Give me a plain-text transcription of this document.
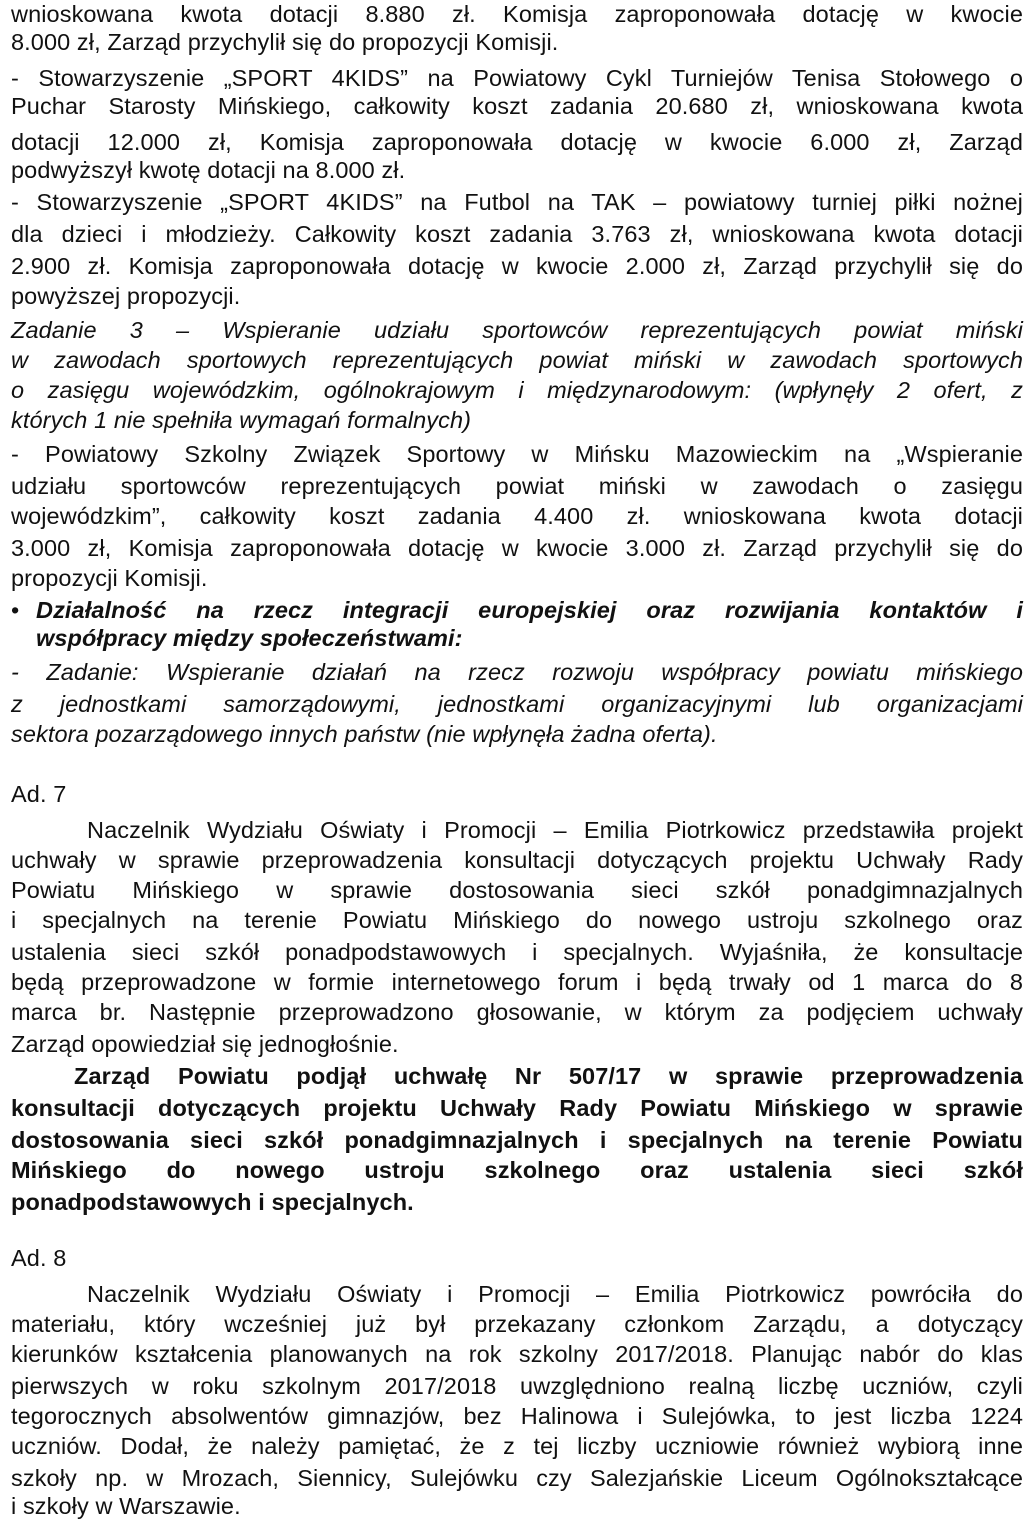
wnioskowana kwota dotacji 8.880 zł. Komisja zaproponowała dotację w kwocie
8.000 zł, Zarząd przychylił się do propozycji Komisji.
- Stowarzyszenie „SPORT 4KIDS” na Powiatowy Cykl Turniejów Tenisa Stołowego o
Puchar Starosty Mińskiego, całkowity koszt zadania 20.680 zł, wnioskowana kwota
dotacji 12.000 zł, Komisja zaproponowała dotację w kwocie 6.000 zł, Zarząd
podwyższył kwotę dotacji na 8.000 zł.
- Stowarzyszenie „SPORT 4KIDS” na Futbol na TAK – powiatowy turniej piłki nożnej
dla dzieci i młodzieży. Całkowity koszt zadania 3.763 zł, wnioskowana kwota dotacji
2.900 zł. Komisja zaproponowała dotację w kwocie 2.000 zł, Zarząd przychylił się do
powyższej propozycji.
Zadanie 3 – Wspieranie udziału sportowców reprezentujących powiat miński
w zawodach sportowych reprezentujących powiat miński w zawodach sportowych
o zasięgu wojewódzkim, ogólnokrajowym i międzynarodowym: (wpłynęły 2 ofert, z
których 1 nie spełniła wymagań formalnych)
- Powiatowy Szkolny Związek Sportowy w Mińsku Mazowieckim na „Wspieranie
udziału sportowców reprezentujących powiat miński w zawodach o zasięgu
wojewódzkim”, całkowity koszt zadania 4.400 zł. wnioskowana kwota dotacji
3.000 zł, Komisja zaproponowała dotację w kwocie 3.000 zł. Zarząd przychylił się do
propozycji Komisji.
• Działalność na rzecz integracji europejskiej oraz rozwijania kontaktów i
współpracy między społeczeństwami:
- Zadanie: Wspieranie działań na rzecz rozwoju współpracy powiatu mińskiego
z jednostkami samorządowymi, jednostkami organizacyjnymi lub organizacjami
sektora pozarządowego innych państw (nie wpłynęła żadna oferta).
Ad. 7
Naczelnik Wydziału Oświaty i Promocji – Emilia Piotrkowicz przedstawiła projekt
uchwały w sprawie przeprowadzenia konsultacji dotyczących projektu Uchwały Rady
Powiatu Mińskiego w sprawie dostosowania sieci szkół ponadgimnazjalnych
i specjalnych na terenie Powiatu Mińskiego do nowego ustroju szkolnego oraz
ustalenia sieci szkół ponadpodstawowych i specjalnych. Wyjaśniła, że konsultacje
będą przeprowadzone w formie internetowego forum i będą trwały od 1 marca do 8
marca br. Następnie przeprowadzono głosowanie, w którym za podjęciem uchwały
Zarząd opowiedział się jednogłośnie.
Zarząd Powiatu podjął uchwałę Nr 507/17 w sprawie przeprowadzenia
konsultacji dotyczących projektu Uchwały Rady Powiatu Mińskiego w sprawie
dostosowania sieci szkół ponadgimnazjalnych i specjalnych na terenie Powiatu
Mińskiego do nowego ustroju szkolnego oraz ustalenia sieci szkół
ponadpodstawowych i specjalnych.
Ad. 8
Naczelnik Wydziału Oświaty i Promocji – Emilia Piotrkowicz powróciła do
materiału, który wcześniej już był przekazany członkom Zarządu, a dotyczący
kierunków kształcenia planowanych na rok szkolny 2017/2018. Planując nabór do klas
pierwszych w roku szkolnym 2017/2018 uwzględniono realną liczbę uczniów, czyli
tegorocznych absolwentów gimnazjów, bez Halinowa i Sulejówka, to jest liczba 1224
uczniów. Dodał, że należy pamiętać, że z tej liczby uczniowie również wybiorą inne
szkoły np. w Mrozach, Siennicy, Sulejówku czy Salezjańskie Liceum Ogólnokształcące
i szkoły w Warszawie.
